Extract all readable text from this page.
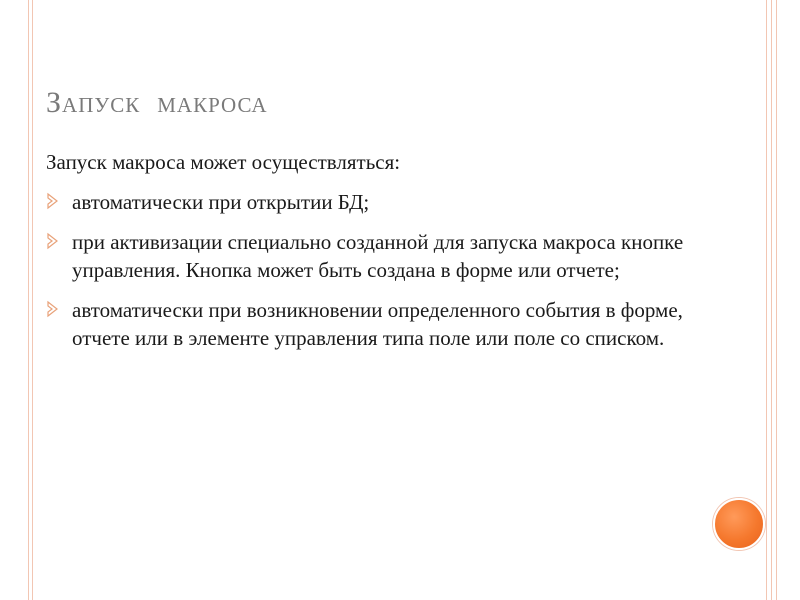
Запуск  макроса

Запуск макроса может осуществляться:

автоматически при открытии БД;
при активизации специально созданной для запуска макроса кнопке управления. Кнопка может быть создана в форме или отчете;
автоматически при возникновении определенного события в форме, отчете или в элементе управления типа поле или поле со списком.
